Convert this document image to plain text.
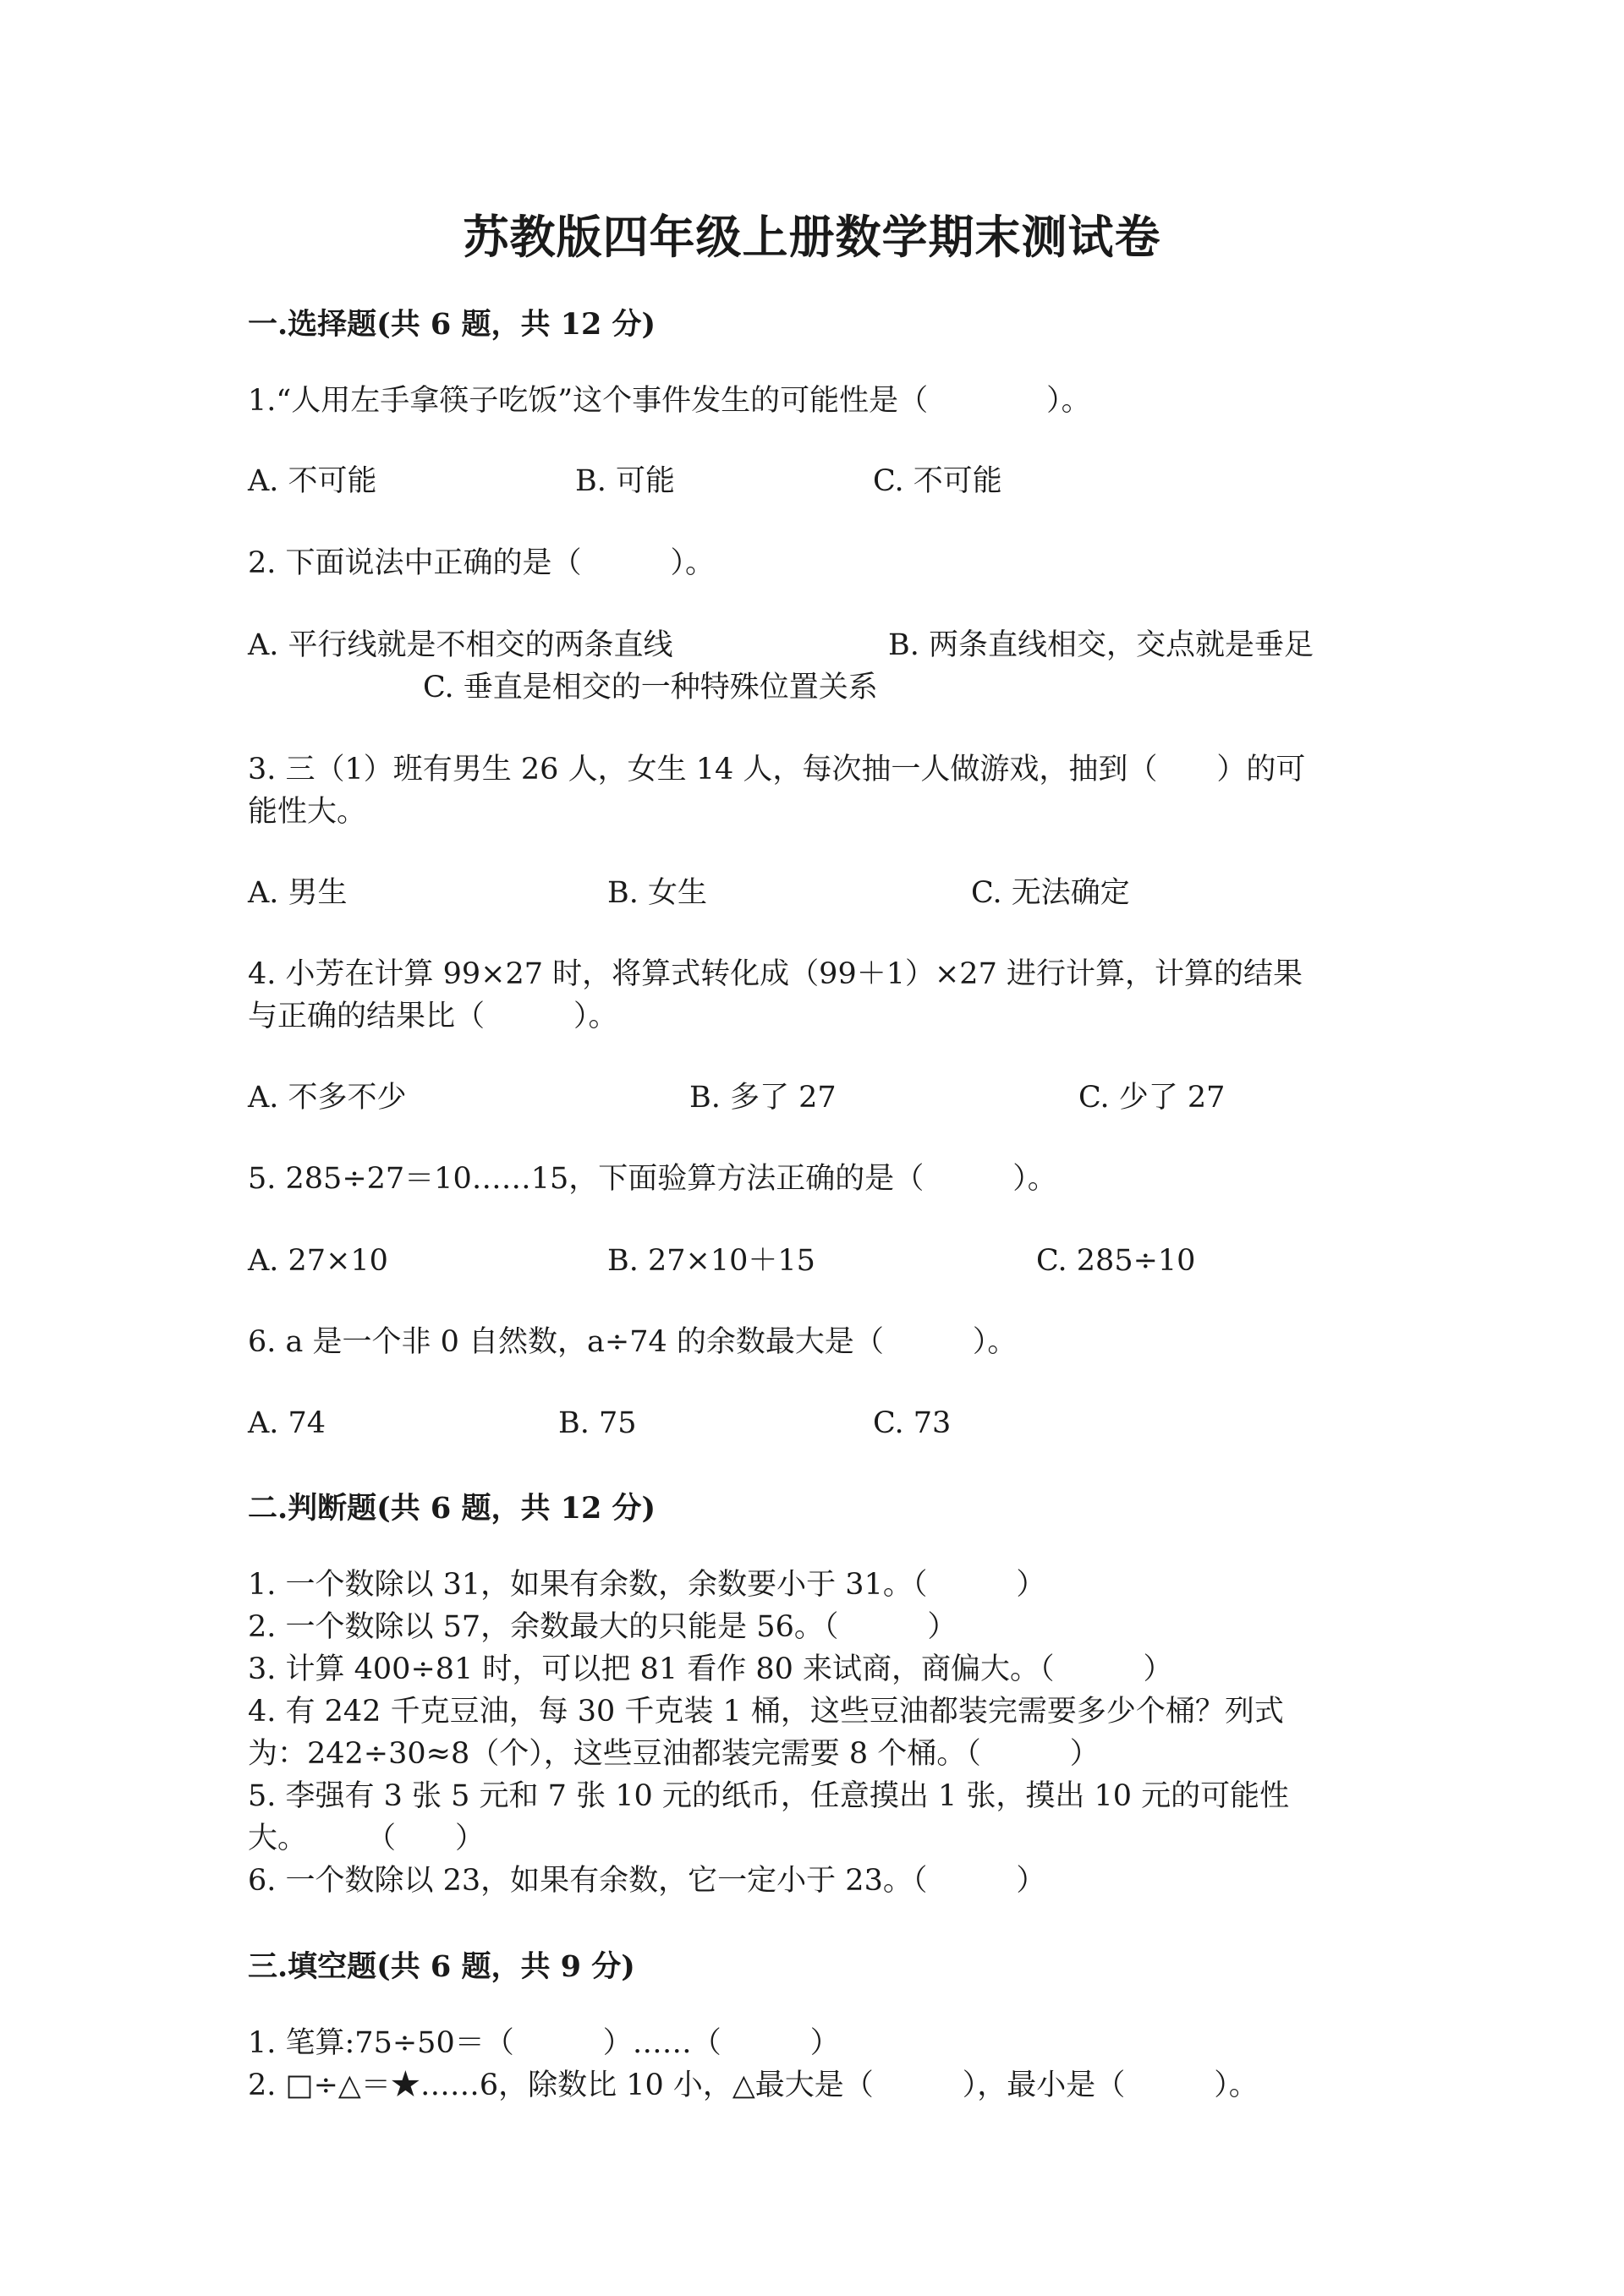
苏教版四年级上册数学期末测试卷
一.选择题(共 6 题，共 12 分)
1.“人用左手拿筷子吃饭”这个事件发生的可能性是（　　　　）。
A. 不可能	B. 可能	C. 不可能
2. 下面说法中正确的是（　　　）。
A. 平行线就是不相交的两条直线	B. 两条直线相交，交点就是垂足
C. 垂直是相交的一种特殊位置关系
3. 三（1）班有男生 26 人，女生 14 人，每次抽一人做游戏，抽到（　　）的可
能性大。
A. 男生	B. 女生	C. 无法确定
4. 小芳在计算 99×27 时，将算式转化成（99＋1）×27 进行计算，计算的结果
与正确的结果比（　　　）。
A. 不多不少	B. 多了 27	C. 少了 27
5. 285÷27＝10……15，下面验算方法正确的是（　　　）。
A. 27×10	B. 27×10＋15	C. 285÷10
6. a 是一个非 0 自然数，a÷74 的余数最大是（　　　）。
A. 74	B. 75	C. 73
二.判断题(共 6 题，共 12 分)
1. 一个数除以 31，如果有余数，余数要小于 31。（　　　）
2. 一个数除以 57，余数最大的只能是 56。（　　　）
3. 计算 400÷81 时，可以把 81 看作 80 来试商，商偏大。（　　　）
4. 有 242 千克豆油，每 30 千克装 1 桶，这些豆油都装完需要多少个桶？列式
为：242÷30≈8（个），这些豆油都装完需要 8 个桶。（　　　）
5. 李强有 3 张 5 元和 7 张 10 元的纸币，任意摸出 1 张，摸出 10 元的可能性
大。　　　（　　）
6. 一个数除以 23，如果有余数，它一定小于 23。（　　　）
三.填空题(共 6 题，共 9 分)
1. 笔算:75÷50＝（　　　）……（　　　）
2. □÷△＝★……6，除数比 10 小，△最大是（　　　），最小是（　　　）。
